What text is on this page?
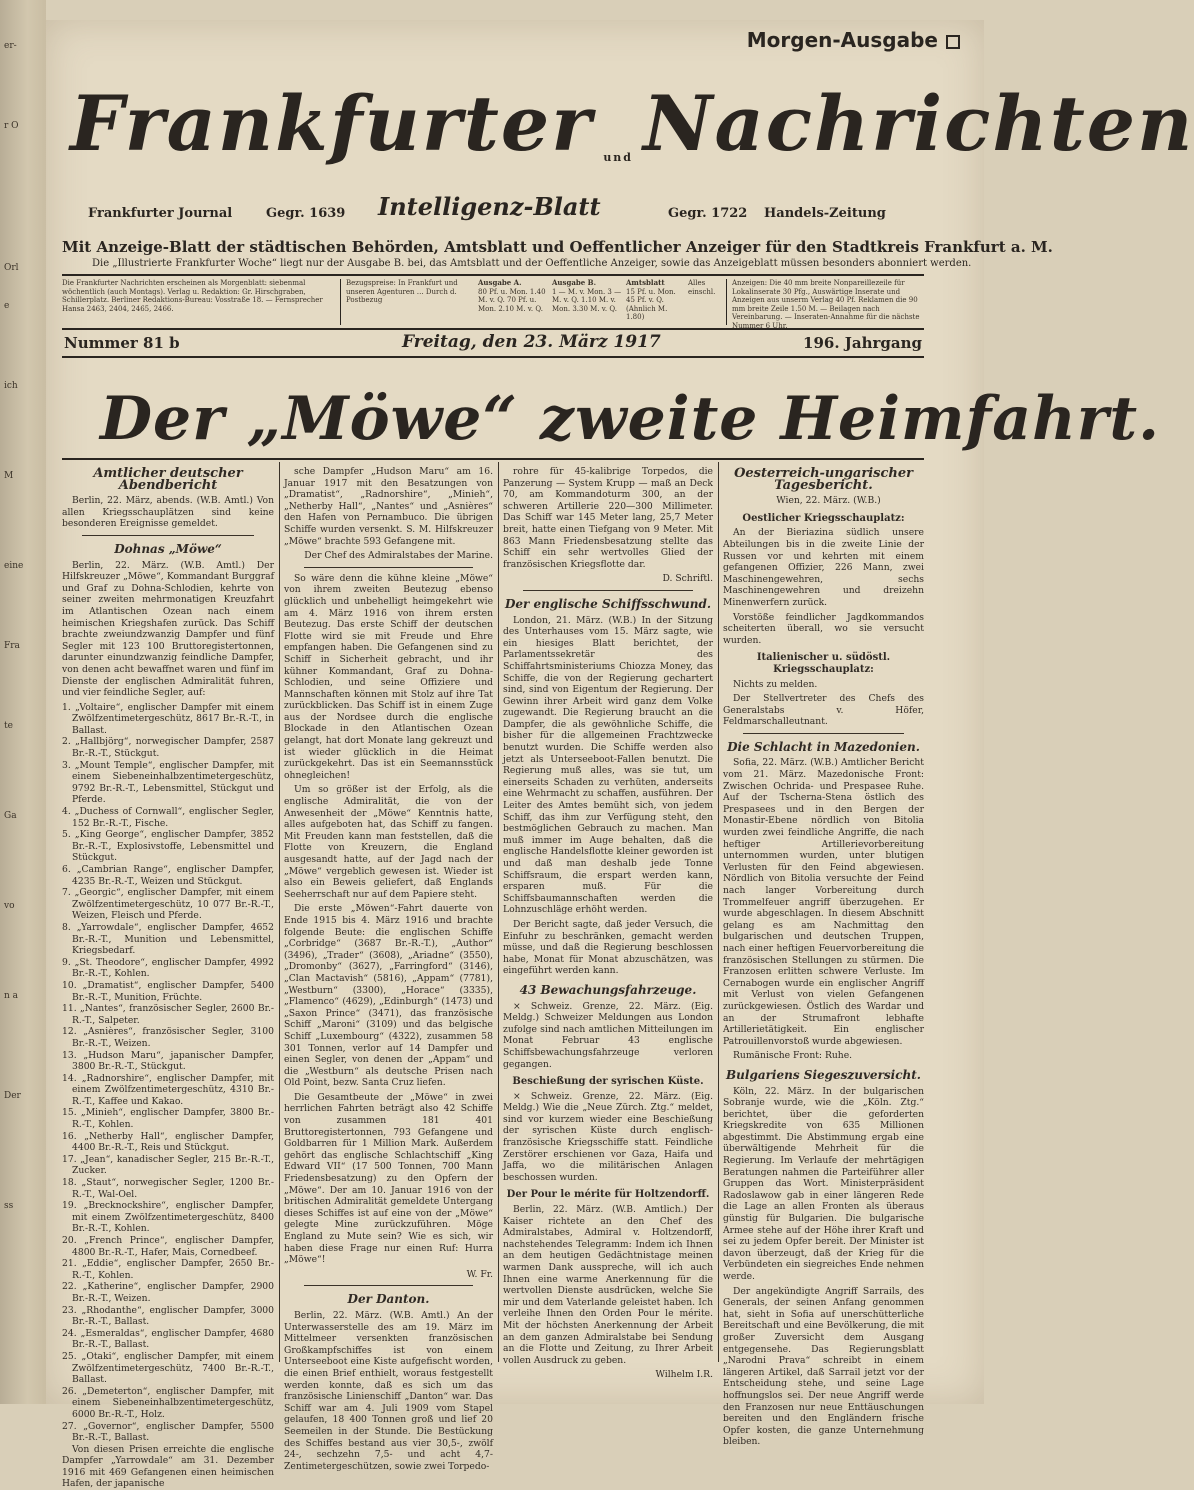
er-
r O
Orl
e
ich
M
eine
Fra
te
Ga
vo
n a
Der
ss
Morgen-Ausgabe
Frankfurter und Nachrichten
Frankfurter Journal	Gegr. 1639 Intelligenz-Blatt	Gegr. 1722 Handels-Zeitung
Mit Anzeige-Blatt der städtischen Behörden, Amtsblatt und Oeffentlicher Anzeiger für den Stadtkreis Frankfurt a. M.
Die „Illustrierte Frankfurter Woche“ liegt nur der Ausgabe B. bei, das Amtsblatt und der Oeffentliche Anzeiger, sowie das Anzeigeblatt müssen besonders abonniert werden.
Die Frankfurter Nachrichten erscheinen als Morgenblatt: siebenmal wöchentlich (auch Montags). Verlag u. Redaktion: Gr. Hirschgraben, Schillerplatz. Berliner Redaktions-Bureau: Vosstraße 18. — Fernsprecher Hansa 2463, 2404, 2465, 2466.
Bezugspreise: In Frankfurt und unseren Agenturen … Durch d. Postbezug
Ausgabe A.
80 Pf. u. Mon. 1.40 M. v. Q. 70 Pf. u. Mon. 2.10 M. v. Q.
Ausgabe B.
1 — M. v. Mon. 3 — M. v. Q. 1.10 M. v. Mon. 3.30 M. v. Q.
Amtsblatt
15 Pf. u. Mon. 45 Pf. v. Q. (Ahnlich M. 1.80)
Alles einschl.
Anzeigen: Die 40 mm breite Nonpareillezeile für Lokalinserate 30 Pfg., Auswärtige Inserate und Anzeigen aus unserm Verlag 40 Pf. Reklamen die 90 mm breite Zeile 1.50 M. — Beilagen nach Vereinbarung. — Inseraten-Annahme für die nächste Nummer 6 Uhr.
Nummer 81 b	Freitag, den 23. März 1917	196. Jahrgang
Der „Möwe“ zweite Heimfahrt.
Amtlicher deutscher Abendbericht

Berlin, 22. März, abends. (W.B. Amtl.) Von allen Kriegsschauplätzen sind keine besonderen Ereignisse gemeldet.

Dohnas „Möwe“

Berlin, 22. März. (W.B. Amtl.) Der Hilfskreuzer „Möwe“, Kommandant Burggraf und Graf zu Dohna-Schlodien, kehrte von seiner zweiten mehrmonatigen Kreuzfahrt im Atlantischen Ozean nach einem heimischen Kriegshafen zurück. Das Schiff brachte zweiundzwanzig Dampfer und fünf Segler mit 123 100 Bruttoregistertonnen, darunter einundzwanzig feindliche Dampfer, von denen acht bewaffnet waren und fünf im Dienste der englischen Admiralität fuhren, und vier feindliche Segler, auf:

1. „Voltaire“, englischer Dampfer mit einem Zwölfzentimetergeschütz, 8617 Br.-R.-T., in Ballast.

2. „Hallbjörg“, norwegischer Dampfer, 2587 Br.-R.-T., Stückgut.

3. „Mount Temple“, englischer Dampfer, mit einem Siebeneinhalbzentimetergeschütz, 9792 Br.-R.-T., Lebensmittel, Stückgut und Pferde.

4. „Duchess of Cornwall“, englischer Segler, 152 Br.-R.-T., Fische.

5. „King George“, englischer Dampfer, 3852 Br.-R.-T., Explosivstoffe, Lebensmittel und Stückgut.

6. „Cambrian Range“, englischer Dampfer, 4235 Br.-R.-T., Weizen und Stückgut.

7. „Georgic“, englischer Dampfer, mit einem Zwölfzentimetergeschütz, 10 077 Br.-R.-T., Weizen, Fleisch und Pferde.

8. „Yarrowdale“, englischer Dampfer, 4652 Br.-R.-T., Munition und Lebensmittel, Kriegsbedarf.

9. „St. Theodore“, englischer Dampfer, 4992 Br.-R.-T., Kohlen.

10. „Dramatist“, englischer Dampfer, 5400 Br.-R.-T., Munition, Früchte.

11. „Nantes“, französischer Segler, 2600 Br.-R.-T., Salpeter.

12. „Asnières“, französischer Segler, 3100 Br.-R.-T., Weizen.

13. „Hudson Maru“, japanischer Dampfer, 3800 Br.-R.-T., Stückgut.

14. „Radnorshire“, englischer Dampfer, mit einem Zwölfzentimetergeschütz, 4310 Br.-R.-T., Kaffee und Kakao.

15. „Minieh“, englischer Dampfer, 3800 Br.-R.-T., Kohlen.

16. „Netherby Hall“, englischer Dampfer, 4400 Br.-R.-T., Reis und Stückgut.

17. „Jean“, kanadischer Segler, 215 Br.-R.-T., Zucker.

18. „Staut“, norwegischer Segler, 1200 Br.-R.-T., Wal-Oel.

19. „Brecknockshire“, englischer Dampfer, mit einem Zwölfzentimetergeschütz, 8400 Br.-R.-T., Kohlen.

20. „French Prince“, englischer Dampfer, 4800 Br.-R.-T., Hafer, Mais, Cornedbeef.

21. „Eddie“, englischer Dampfer, 2650 Br.-R.-T., Kohlen.

22. „Katherine“, englischer Dampfer, 2900 Br.-R.-T., Weizen.

23. „Rhodanthe“, englischer Dampfer, 3000 Br.-R.-T., Ballast.

24. „Esmeraldas“, englischer Dampfer, 4680 Br.-R.-T., Ballast.

25. „Otaki“, englischer Dampfer, mit einem Zwölfzentimetergeschütz, 7400 Br.-R.-T., Ballast.

26. „Demeterton“, englischer Dampfer, mit einem Siebeneinhalbzentimetergeschütz, 6000 Br.-R.-T., Holz.

27. „Governor“, englischer Dampfer, 5500 Br.-R.-T., Ballast.

Von diesen Prisen erreichte die englische Dampfer „Yarrowdale“ am 31. Dezember 1916 mit 469 Gefangenen einen heimischen Hafen, der japanische

sche Dampfer „Hudson Maru“ am 16. Januar 1917 mit den Besatzungen von „Dramatist“, „Radnorshire“, „Minieh“, „Netherby Hall“, „Nantes“ und „Asnières“ den Hafen von Pernambuco. Die übrigen Schiffe wurden versenkt. S. M. Hilfskreuzer „Möwe“ brachte 593 Gefangene mit.

Der Chef des Admiralstabes der Marine.

So wäre denn die kühne kleine „Möwe“ von ihrem zweiten Beutezug ebenso glücklich und unbehelligt heimgekehrt wie am 4. März 1916 von ihrem ersten Beutezug. Das erste Schiff der deutschen Flotte wird sie mit Freude und Ehre empfangen haben. Die Gefangenen sind zu Schiff in Sicherheit gebracht, und ihr kühner Kommandant, Graf zu Dohna-Schlodien, und seine Offiziere und Mannschaften können mit Stolz auf ihre Tat zurückblicken. Das Schiff ist in einem Zuge aus der Nordsee durch die englische Blockade in den Atlantischen Ozean gelangt, hat dort Monate lang gekreuzt und ist wieder glücklich in die Heimat zurückgekehrt. Das ist ein Seemannsstück ohnegleichen!

Um so größer ist der Erfolg, als die englische Admiralität, die von der Anwesenheit der „Möwe“ Kenntnis hatte, alles aufgeboten hat, das Schiff zu fangen. Mit Freuden kann man feststellen, daß die Flotte von Kreuzern, die England ausgesandt hatte, auf der Jagd nach der „Möwe“ vergeblich gewesen ist. Wieder ist also ein Beweis geliefert, daß Englands Seeherrschaft nur auf dem Papiere steht.

Die erste „Möwen“-Fahrt dauerte von Ende 1915 bis 4. März 1916 und brachte folgende Beute: die englischen Schiffe „Corbridge“ (3687 Br.-R.-T.), „Author“ (3496), „Trader“ (3608), „Ariadne“ (3550), „Dromonby“ (3627), „Farringford“ (3146), „Clan Mactavish“ (5816), „Appam“ (7781), „Westburn“ (3300), „Horace“ (3335), „Flamenco“ (4629), „Edinburgh“ (1473) und „Saxon Prince“ (3471), das französische Schiff „Maroni“ (3109) und das belgische Schiff „Luxembourg“ (4322), zusammen 58 301 Tonnen, verlor auf 14 Dampfer und einen Segler, von denen der „Appam“ und die „Westburn“ als deutsche Prisen nach Old Point, bezw. Santa Cruz liefen.

Die Gesamtbeute der „Möwe“ in zwei herrlichen Fahrten beträgt also 42 Schiffe von zusammen 181 401 Bruttoregistertonnen, 793 Gefangene und Goldbarren für 1 Million Mark. Außerdem gehört das englische Schlachtschiff „King Edward VII“ (17 500 Tonnen, 700 Mann Friedensbesatzung) zu den Opfern der „Möwe“. Der am 10. Januar 1916 von der britischen Admiralität gemeldete Untergang dieses Schiffes ist auf eine von der „Möwe“ gelegte Mine zurückzuführen. Möge England zu Mute sein? Wie es sich, wir haben diese Frage nur einen Ruf: Hurra „Möwe“!

W. Fr.

Der Danton.

Berlin, 22. März. (W.B. Amtl.) An der Unterwasserstelle des am 19. März im Mittelmeer versenkten französischen Großkampfschiffes ist von einem Unterseeboot eine Kiste aufgefischt worden, die einen Brief enthielt, woraus festgestellt werden konnte, daß es sich um das französische Linienschiff „Danton“ war. Das Schiff war am 4. Juli 1909 vom Stapel gelaufen, 18 400 Tonnen groß und lief 20 Seemeilen in der Stunde. Die Bestückung des Schiffes bestand aus vier 30,5-, zwölf 24-, sechzehn 7,5- und acht 4,7-Zentimetergeschützen, sowie zwei Torpedo-

rohre für 45-kalibrige Torpedos, die Panzerung — System Krupp — maß an Deck 70, am Kommandoturm 300, an der schweren Artillerie 220—300 Millimeter. Das Schiff war 145 Meter lang, 25,7 Meter breit, hatte einen Tiefgang von 9 Meter. Mit 863 Mann Friedensbesatzung stellte das Schiff ein sehr wertvolles Glied der französischen Kriegsflotte dar.

D. Schriftl.

Der englische Schiffsschwund.

London, 21. März. (W.B.) In der Sitzung des Unterhauses vom 15. März sagte, wie ein hiesiges Blatt berichtet, der Parlamentssekretär des Schiffahrtsministeriums Chiozza Money, das Schiffe, die von der Regierung gechartert sind, sind von Eigentum der Regierung. Der Gewinn ihrer Arbeit wird ganz dem Volke zugewandt. Die Regierung braucht an die Dampfer, die als gewöhnliche Schiffe, die bisher für die allgemeinen Frachtzwecke benutzt wurden. Die Schiffe werden also jetzt als Unterseeboot-Fallen benutzt. Die Regierung muß alles, was sie tut, um einerseits Schaden zu verhüten, anderseits eine Wehrmacht zu schaffen, ausführen. Der Leiter des Amtes bemüht sich, von jedem Schiff, das ihm zur Verfügung steht, den bestmöglichen Gebrauch zu machen. Man muß immer im Auge behalten, daß die englische Handelsflotte kleiner geworden ist und daß man deshalb jede Tonne Schiffsraum, die erspart werden kann, ersparen muß. Für die Schiffsbaumannschaften werden die Lohnzuschläge erhöht werden.

Der Bericht sagte, daß jeder Versuch, die Einfuhr zu beschränken, gemacht werden müsse, und daß die Regierung beschlossen habe, Monat für Monat abzuschätzen, was eingeführt werden kann.

43 Bewachungsfahrzeuge.

× Schweiz. Grenze, 22. März. (Eig. Meldg.) Schweizer Meldungen aus London zufolge sind nach amtlichen Mitteilungen im Monat Februar 43 englische Schiffsbewachungsfahrzeuge verloren gegangen.

Beschießung der syrischen Küste.

× Schweiz. Grenze, 22. März. (Eig. Meldg.) Wie die „Neue Zürch. Ztg.“ meldet, sind vor kurzem wieder eine Beschießung der syrischen Küste durch englisch-französische Kriegsschiffe statt. Feindliche Zerstörer erschienen vor Gaza, Haifa und Jaffa, wo die militärischen Anlagen beschossen wurden.

Der Pour le mérite für Holtzendorff.

Berlin, 22. März. (W.B. Amtlich.) Der Kaiser richtete an den Chef des Admiralstabes, Admiral v. Holtzendorff, nachstehendes Telegramm: Indem ich Ihnen an dem heutigen Gedächtnistage meinen warmen Dank ausspreche, will ich auch Ihnen eine warme Anerkennung für die wertvollen Dienste ausdrücken, welche Sie mir und dem Vaterlande geleistet haben. Ich verleihe Ihnen den Orden Pour le mérite. Mit der höchsten Anerkennung der Arbeit an dem ganzen Admiralstabe bei Sendung an die Flotte und Zeitung, zu Ihrer Arbeit vollen Ausdruck zu geben.

Wilhelm I.R.

Oesterreich-ungarischer Tagesbericht.

Wien, 22. März. (W.B.)

Oestlicher Kriegsschauplatz:

An der Bieriazina südlich unsere Abteilungen bis in die zweite Linie der Russen vor und kehrten mit einem gefangenen Offizier, 226 Mann, zwei Maschinengewehren, sechs Maschinengewehren und dreizehn Minenwerfern zurück.

Vorstöße feindlicher Jagdkommandos scheiterten überall, wo sie versucht wurden.

Italienischer u. südöstl. Kriegsschauplatz:

Nichts zu melden.

Der Stellvertreter des Chefs des Generalstabs v. Höfer, Feldmarschalleutnant.

Die Schlacht in Mazedonien.

Sofia, 22. März. (W.B.) Amtlicher Bericht vom 21. März. Mazedonische Front: Zwischen Ochrida- und Prespasee Ruhe. Auf der Tscherna-Stena östlich des Prespasees und in den Bergen der Monastir-Ebene nördlich von Bitolia wurden zwei feindliche Angriffe, die nach heftiger Artillerievorbereitung unternommen wurden, unter blutigen Verlusten für den Feind abgewiesen. Nördlich von Bitolia versuchte der Feind nach langer Vorbereitung durch Trommelfeuer angriff überzugehen. Er wurde abgeschlagen. In diesem Abschnitt gelang es am Nachmittag den bulgarischen und deutschen Truppen, nach einer heftigen Feuervorbereitung die französischen Stellungen zu stürmen. Die Franzosen erlitten schwere Verluste. Im Cernabogen wurde ein englischer Angriff mit Verlust von vielen Gefangenen zurückgewiesen. Östlich des Wardar und an der Strumafront lebhafte Artillerietätigkeit. Ein englischer Patrouillenvorstoß wurde abgewiesen.

Rumänische Front: Ruhe.

Bulgariens Siegeszuversicht.

Köln, 22. März. In der bulgarischen Sobranje wurde, wie die „Köln. Ztg.“ berichtet, über die geforderten Kriegskredite von 635 Millionen abgestimmt. Die Abstimmung ergab eine überwältigende Mehrheit für die Regierung. Im Verlaufe der mehrtägigen Beratungen nahmen die Parteiführer aller Gruppen das Wort. Ministerpräsident Radoslawow gab in einer längeren Rede die Lage an allen Fronten als überaus günstig für Bulgarien. Die bulgarische Armee stehe auf der Höhe ihrer Kraft und sei zu jedem Opfer bereit. Der Minister ist davon überzeugt, daß der Krieg für die Verbündeten ein siegreiches Ende nehmen werde.

Der angekündigte Angriff Sarrails, des Generals, der seinen Anfang genommen hat, sieht in Sofia auf unerschütterliche Bereitschaft und eine Bevölkerung, die mit großer Zuversicht dem Ausgang entgegensehe. Das Regierungsblatt „Narodni Prava“ schreibt in einem längeren Artikel, daß Sarrail jetzt vor der Entscheidung stehe, und seine Lage hoffnungslos sei. Der neue Angriff werde den Franzosen nur neue Enttäuschungen bereiten und den Engländern frische Opfer kosten, die ganze Unternehmung bleiben.
